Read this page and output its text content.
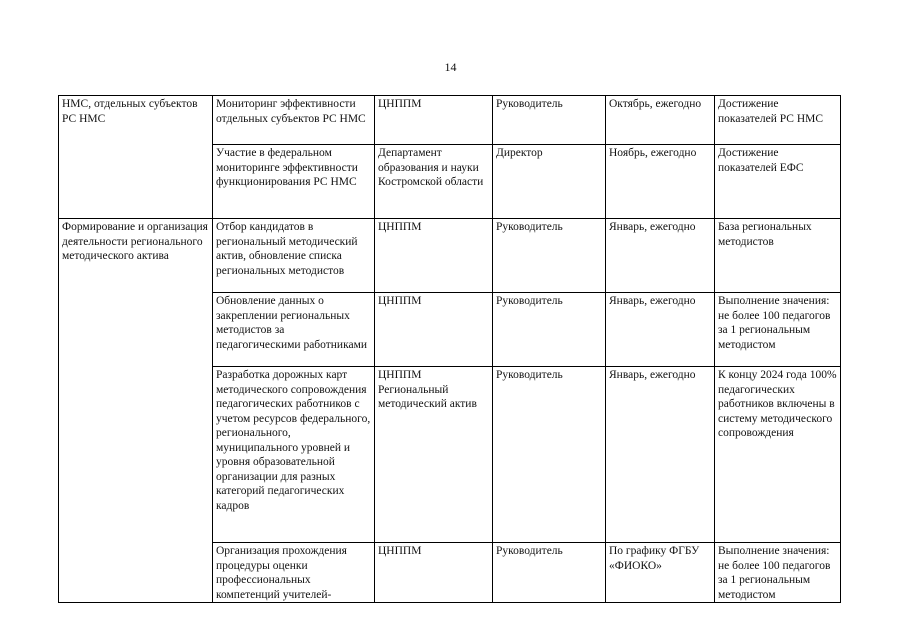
14
НМС, отдельных субъектов РС НМС	Мониторинг эффективности отдельных субъектов РС НМС	ЦНППМ	Руководитель	Октябрь, ежегодно	Достижение показателей РС НМС
	Участие в федеральном мониторинге эффективности функционирования РС НМС	Департамент образования и науки Костромской области	Директор	Ноябрь, ежегодно	Достижение показателей ЕФС
Формирование и организация деятельности регионального методического актива	Отбор кандидатов в региональный методический актив, обновление списка региональных методистов	ЦНППМ	Руководитель	Январь, ежегодно	База региональных методистов
	Обновление данных о закреплении региональных методистов за педагогическими работниками	ЦНППМ	Руководитель	Январь, ежегодно	Выполнение значения: не более 100 педагогов за 1 региональным методистом
	Разработка дорожных карт методического сопровождения педагогических работников с учетом ресурсов федерального, регионального, муниципального уровней и уровня образовательной организации для разных категорий педагогических кадров	ЦНППМ Региональный методический актив	Руководитель	Январь, ежегодно	К концу 2024 года 100% педагогических работников включены в систему методического сопровождения
	Организация прохождения процедуры оценки профессиональных компетенций учителей-	ЦНППМ	Руководитель	По графику ФГБУ «ФИОКО»	Выполнение значения: не более 100 педагогов за 1 региональным методистом
